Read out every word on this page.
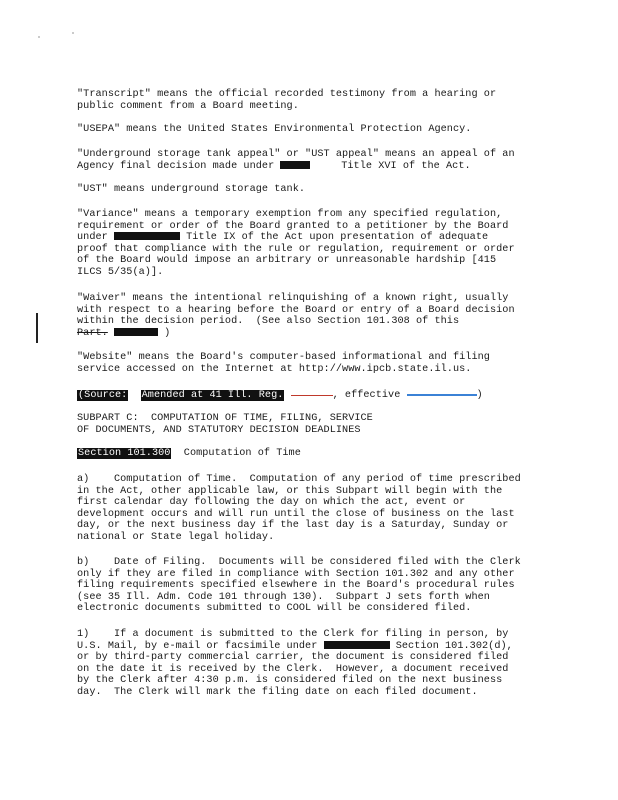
"Transcript" means the official recorded testimony from a hearing or
public comment from a Board meeting.

"USEPA" means the United States Environmental Protection Agency.

"Underground storage tank appeal" or "UST appeal" means an appeal of an
Agency final decision made under	Title XVI of the Act.

"UST" means underground storage tank.

"Variance" means a temporary exemption from any specified regulation,
requirement or order of the Board granted to a petitioner by the Board
under	Title IX of the Act upon presentation of adequate
proof that compliance with the rule or regulation, requirement or order
of the Board would impose an arbitrary or unreasonable hardship [415
ILCS 5/35(a)].

"Waiver" means the intentional relinquishing of a known right, usually
with respect to a hearing before the Board or entry of a Board decision
within the decision period.  (See also Section 101.308 of this
Part.	)

"Website" means the Board's computer-based informational and filing
service accessed on the Internet at http://www.ipcb.state.il.us.

(Source: Amended at 41 Ill. Reg.	, effective	)

SUBPART C:  COMPUTATION OF TIME, FILING, SERVICE
OF DOCUMENTS, AND STATUTORY DECISION DEADLINES

Section 101.300  Computation of Time

a)    Computation of Time.  Computation of any period of time prescribed
in the Act, other applicable law, or this Subpart will begin with the
first calendar day following the day on which the act, event or
development occurs and will run until the close of business on the last
day, or the next business day if the last day is a Saturday, Sunday or
national or State legal holiday.

b)    Date of Filing.  Documents will be considered filed with the Clerk
only if they are filed in compliance with Section 101.302 and any other
filing requirements specified elsewhere in the Board's procedural rules
(see 35 Ill. Adm. Code 101 through 130).  Subpart J sets forth when
electronic documents submitted to COOL will be considered filed.

1)    If a document is submitted to the Clerk for filing in person, by
U.S. Mail, by e-mail or facsimile under	Section 101.302(d),
or by third-party commercial carrier, the document is considered filed
on the date it is received by the Clerk.  However, a document received
by the Clerk after 4:30 p.m. is considered filed on the next business
day.  The Clerk will mark the filing date on each filed document.
